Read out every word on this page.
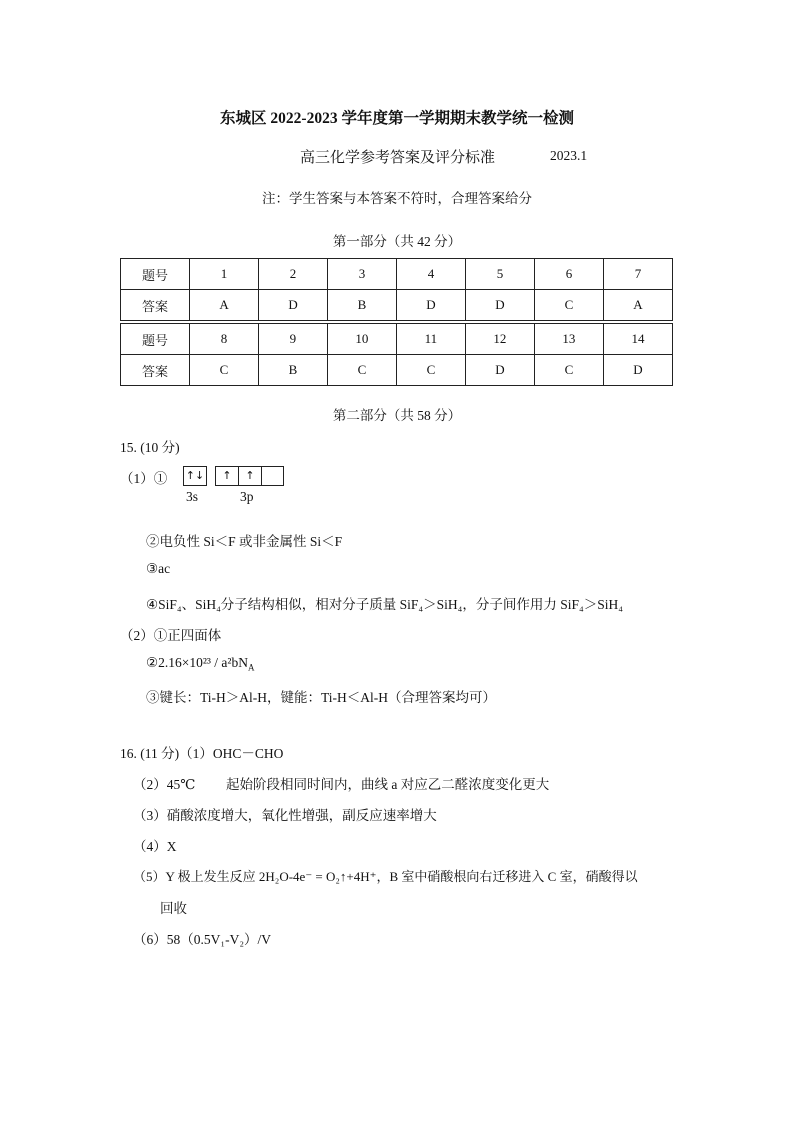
东城区 2022-2023 学年度第一学期期末教学统一检测
高三化学参考答案及评分标准	2023.1
注：学生答案与本答案不符时，合理答案给分
第一部分（共 42 分）
题号	1	2	3	4	5	6	7
答案	A	D	B	D	D	C	A
题号	8	9	10	11	12	13	14
答案	C	B	C	C	D	C	D
第二部分（共 58 分）
15. (10 分)
（1）① ↑↓	↑	↑
3s	3p
②电负性 Si＜F 或非金属性 Si＜F
③ac
④SiF₄、SiH₄分子结构相似，相对分子质量 SiF₄＞SiH₄，分子间作用力 SiF₄＞SiH₄
（2）①正四面体
②2.16×10²³ / $a^2bN_A$
③键长：Ti-H＞Al-H，键能：Ti-H＜Al-H（合理答案均可）
16. (11 分)（1）OHC－CHO
（2）45℃ 起始阶段相同时间内，曲线 a 对应乙二醛浓度变化更大
（3）硝酸浓度增大，氧化性增强，副反应速率增大
（4）X
（5）Y 极上发生反应 2H₂O-4e⁻ = O₂↑+4H⁺，B 室中硝酸根向右迁移进入 C 室，硝酸得以
回收
（6）58（0.5V₁-V₂）/V
